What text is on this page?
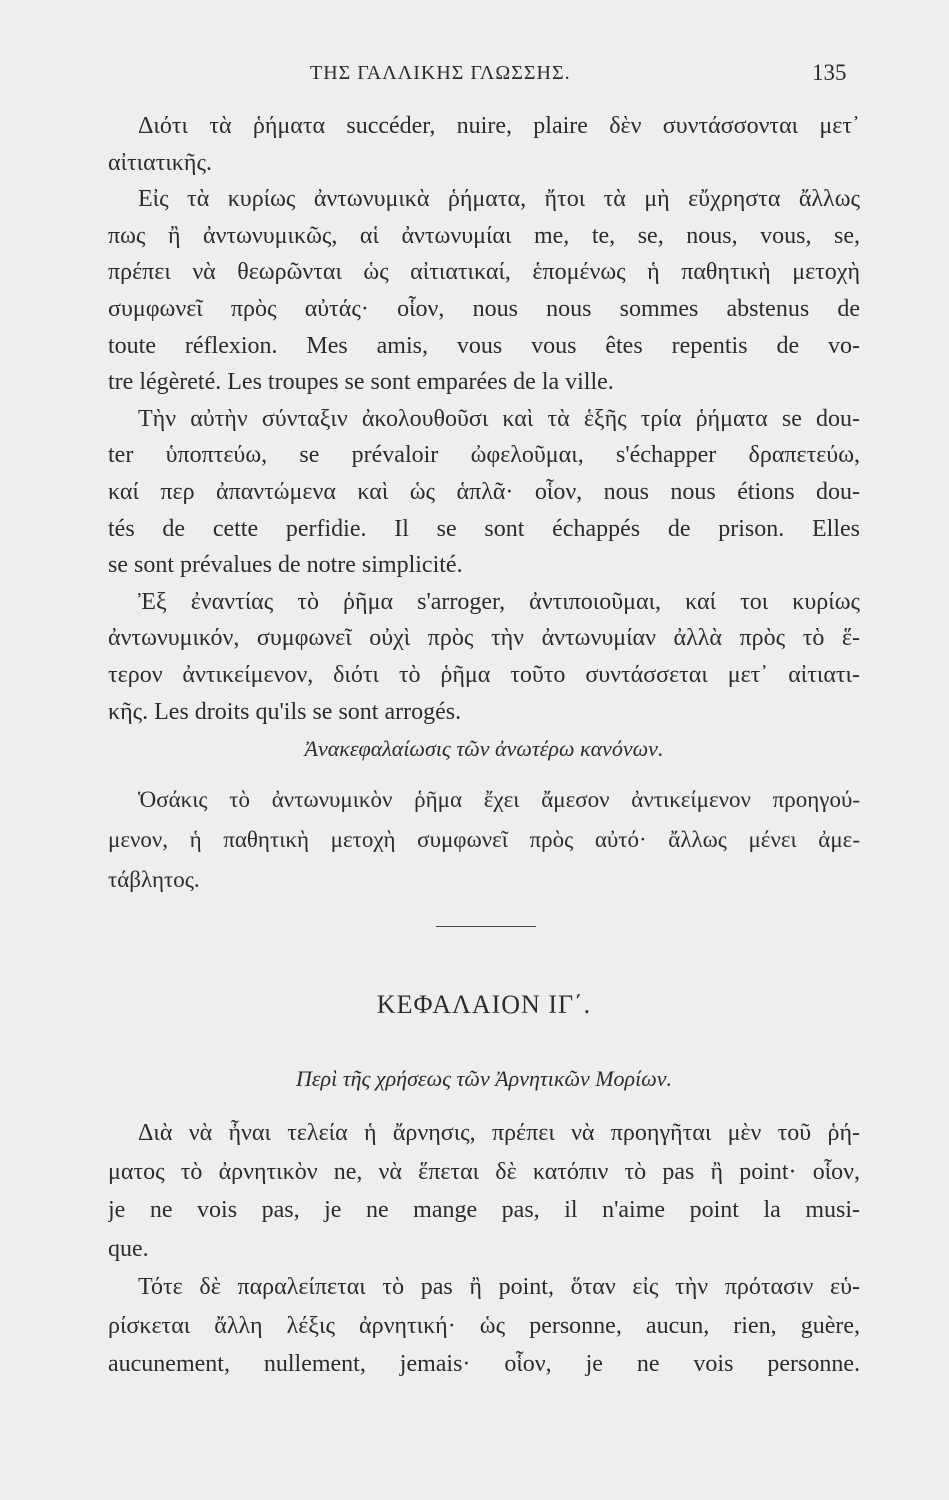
ΤΗΣ ΓΑΛΛΙΚΗΣ ΓΛΩΣΣΗΣ.	135
Διότι τὰ ῥήματα succéder, nuire, plaire δὲν συντάσσονται μετ᾽
αἰτιατικῆς.
Εἰς τὰ κυρίως ἀντωνυμικὰ ῥήματα, ἤτοι τὰ μὴ εὔχρηστα ἄλλως
πως ἢ ἀντωνυμικῶς, αἱ ἀντωνυμίαι me, te, se, nous, vous, se,
πρέπει νὰ θεωρῶνται ὡς αἰτιατικαί, ἑπομένως ἡ παθητικὴ μετοχὴ
συμφωνεῖ πρὸς αὐτάς· οἷον, nous nous sommes abstenus de
toute réflexion. Mes amis, vous vous êtes repentis de vo-
tre légèreté. Les troupes se sont emparées de la ville.
Τὴν αὐτὴν σύνταξιν ἀκολουθοῦσι καὶ τὰ ἑξῆς τρία ῥήματα se dou-
ter ὑποπτεύω, se prévaloir ὠφελοῦμαι, s'échapper δραπετεύω,
καί περ ἀπαντώμενα καὶ ὡς ἁπλᾶ· οἷον, nous nous étions dou-
tés de cette perfidie. Il se sont échappés de prison. Elles
se sont prévalues de notre simplicité.
Ἐξ ἐναντίας τὸ ῥῆμα s'arroger, ἀντιποιοῦμαι, καί τοι κυρίως
ἀντωνυμικόν, συμφωνεῖ οὐχὶ πρὸς τὴν ἀντωνυμίαν ἀλλὰ πρὸς τὸ ἕ-
τερον ἀντικείμενον, διότι τὸ ῥῆμα τοῦτο συντάσσεται μετ᾽ αἰτιατι-
κῆς. Les droits qu'ils se sont arrogés.
Ἀνακεφαλαίωσις τῶν ἀνωτέρω κανόνων.
Ὁσάκις τὸ ἀντωνυμικὸν ῥῆμα ἔχει ἄμεσον ἀντικείμενον προηγού-
μενον, ἡ παθητικὴ μετοχὴ συμφωνεῖ πρὸς αὐτό· ἄλλως μένει ἀμε-
τάβλητος.
ΚΕΦΑΛΑΙΟΝ ΙΓ΄.
Περὶ τῆς χρήσεως τῶν Ἀρνητικῶν Μορίων.
Διὰ νὰ ἦναι τελεία ἡ ἄρνησις, πρέπει νὰ προηγῆται μὲν τοῦ ῥή-
ματος τὸ ἀρνητικὸν ne, νὰ ἕπεται δὲ κατόπιν τὸ pas ἢ point· οἷον,
je ne vois pas, je ne mange pas, il n'aime point la musi-
que.
Τότε δὲ παραλείπεται τὸ pas ἢ point, ὅταν εἰς τὴν πρότασιν εὑ-
ρίσκεται ἄλλη λέξις ἀρνητική· ὡς personne, aucun, rien, guère,
aucunement, nullement, jemais· οἷον, je ne vois personne.
